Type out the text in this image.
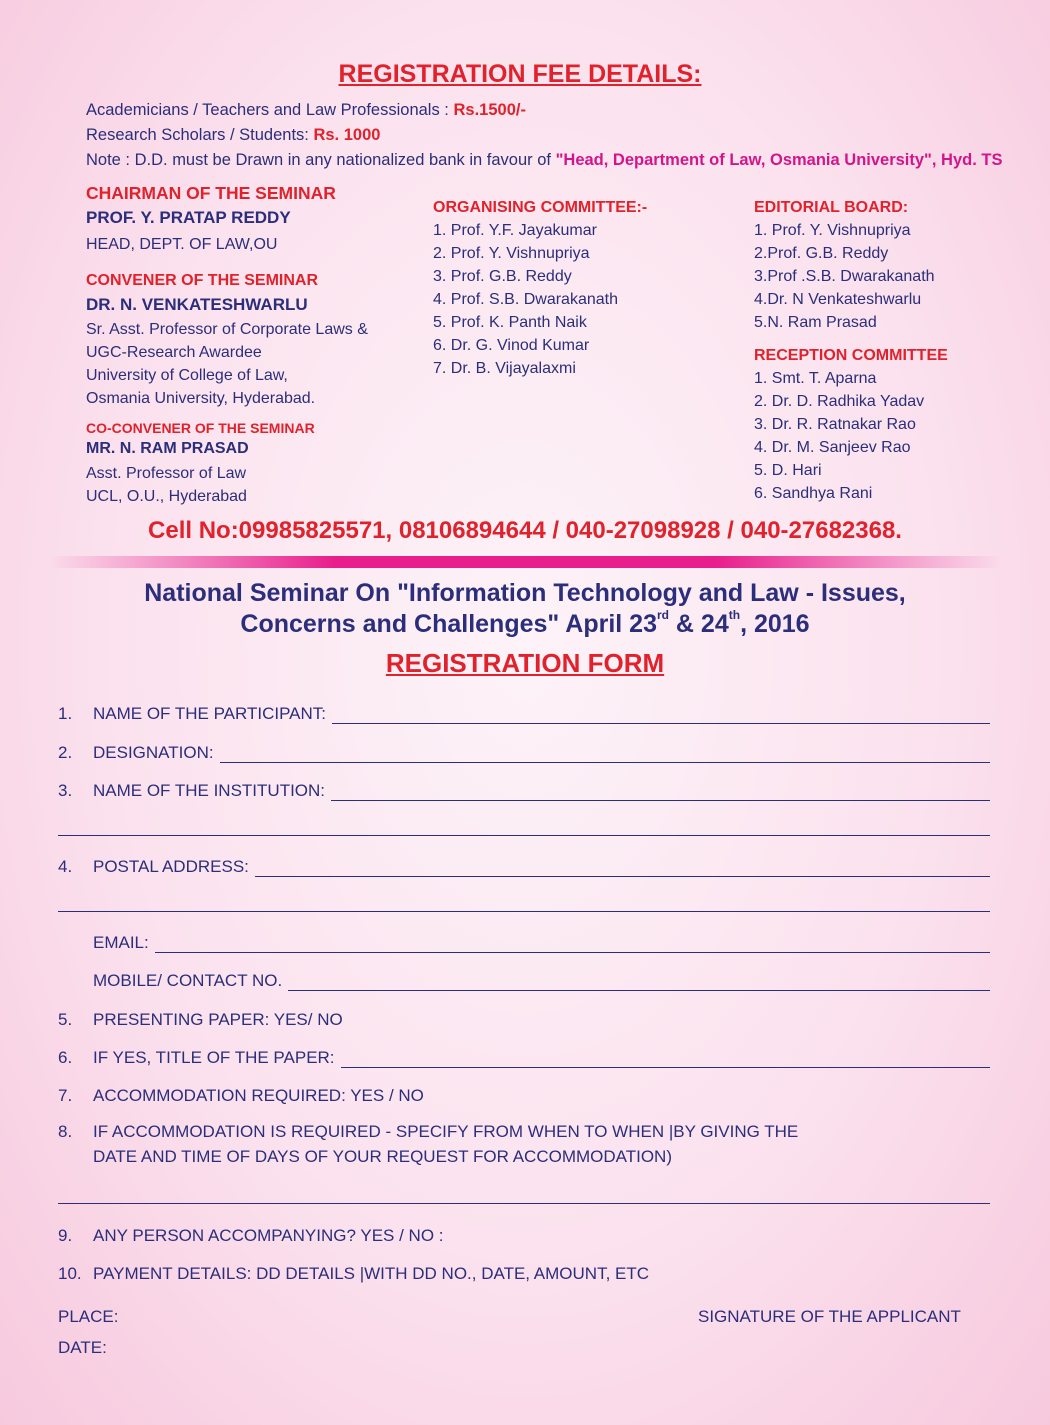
REGISTRATION FEE DETAILS:
Academicians / Teachers and Law Professionals : Rs.1500/-
Research Scholars / Students: Rs. 1000
Note : D.D. must be Drawn in any nationalized bank in favour of "Head, Department of Law, Osmania University", Hyd. TS
CHAIRMAN OF THE SEMINAR
PROF. Y. PRATAP REDDY
HEAD, DEPT. OF LAW,OU
CONVENER OF THE SEMINAR
DR. N. VENKATESHWARLU
Sr. Asst. Professor of Corporate Laws &
UGC-Research Awardee
University of College of Law,
Osmania University, Hyderabad.
CO-CONVENER OF THE SEMINAR
MR. N. RAM PRASAD
Asst. Professor of Law
UCL, O.U., Hyderabad
ORGANISING COMMITTEE:-
1. Prof. Y.F. Jayakumar
2. Prof. Y. Vishnupriya
3. Prof. G.B. Reddy
4. Prof. S.B. Dwarakanath
5. Prof. K. Panth Naik
6. Dr. G. Vinod Kumar
7. Dr. B. Vijayalaxmi
EDITORIAL BOARD:
1. Prof. Y. Vishnupriya
2.Prof. G.B. Reddy
3.Prof .S.B. Dwarakanath
4.Dr. N Venkateshwarlu
5.N. Ram Prasad
RECEPTION COMMITTEE
1. Smt. T. Aparna
2. Dr. D. Radhika Yadav
3. Dr. R. Ratnakar Rao
4. Dr. M. Sanjeev Rao
5. D. Hari
6. Sandhya Rani
Cell No:09985825571, 08106894644 / 040-27098928 / 040-27682368.
National Seminar On "Information Technology and Law - Issues,
Concerns and Challenges" April 23rd & 24th, 2016
REGISTRATION FORM
1.	NAME OF THE PARTICIPANT:
2.	DESIGNATION:
3.	NAME OF THE INSTITUTION:
4.	POSTAL ADDRESS:
EMAIL:
MOBILE/ CONTACT NO.
5.	PRESENTING PAPER: YES/ NO
6.	IF YES, TITLE OF THE PAPER:
7.	ACCOMMODATION REQUIRED: YES / NO
8. IF ACCOMMODATION IS REQUIRED - SPECIFY FROM WHEN TO WHEN |BY GIVING THE
DATE AND TIME OF DAYS OF YOUR REQUEST FOR ACCOMMODATION)
9.	ANY PERSON ACCOMPANYING? YES / NO :
10. PAYMENT DETAILS: DD DETAILS |WITH DD NO., DATE, AMOUNT, ETC
PLACE:
DATE:
SIGNATURE OF THE APPLICANT
